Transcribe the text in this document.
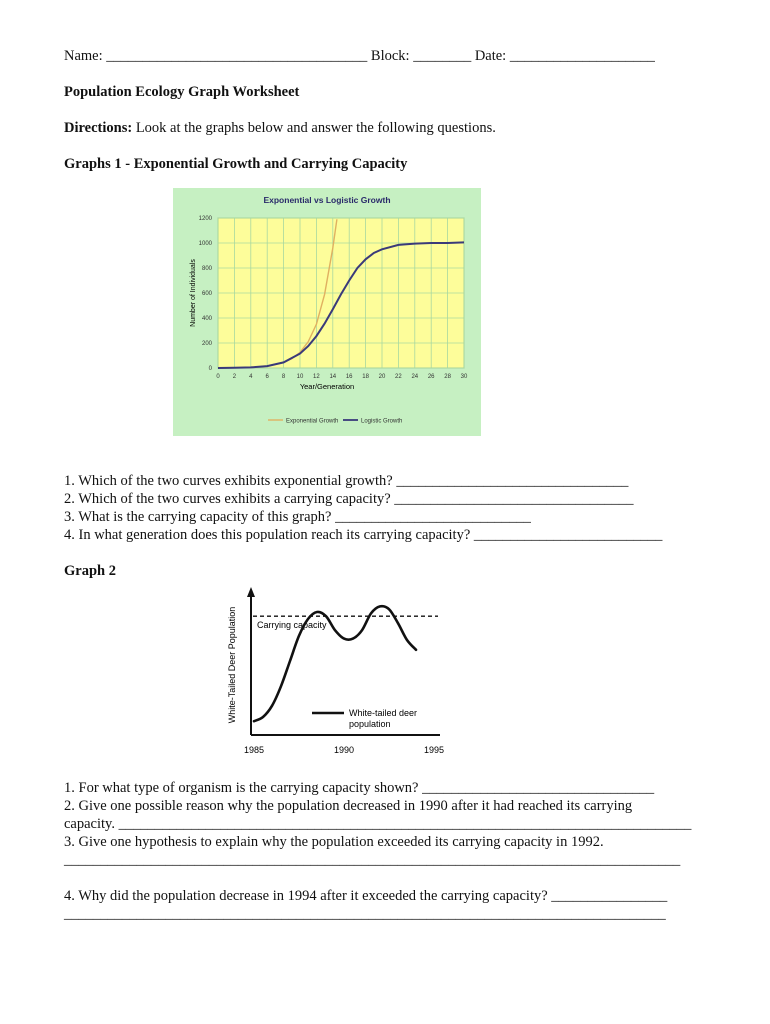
Name: ____________________________________ Block: ________ Date: ____________________
Population Ecology Graph Worksheet
Directions: Look at the graphs below and answer the following questions.
Graphs 1 - Exponential Growth and Carrying Capacity
Exponential vs Logistic Growth
Year/Generation
Number of Individuals
0 2 4 6 8 10 12 14 16 18 20 22 24 26 28 30
0
200
400
600
800
1000
1200
Exponential Growth	Logistic Growth
1. Which of the two curves exhibits exponential growth? ________________________________
2. Which of the two curves exhibits a carrying capacity? _________________________________
3. What is the carrying capacity of this graph? ___________________________
4. In what generation does this population reach its carrying capacity? __________________________
Graph 2
White-Tailed Deer Population Carrying capacity
White-tailed deer
population
1985	1990	1995
1. For what type of organism is the carrying capacity shown? ________________________________
2. Give one possible reason why the population decreased in 1990 after it had reached its carrying
capacity. _______________________________________________________________________________
3. Give one hypothesis to explain why the population exceeded its carrying capacity in 1992.
_____________________________________________________________________________________
4. Why did the population decrease in 1994 after it exceeded the carrying capacity? ________________
___________________________________________________________________________________
